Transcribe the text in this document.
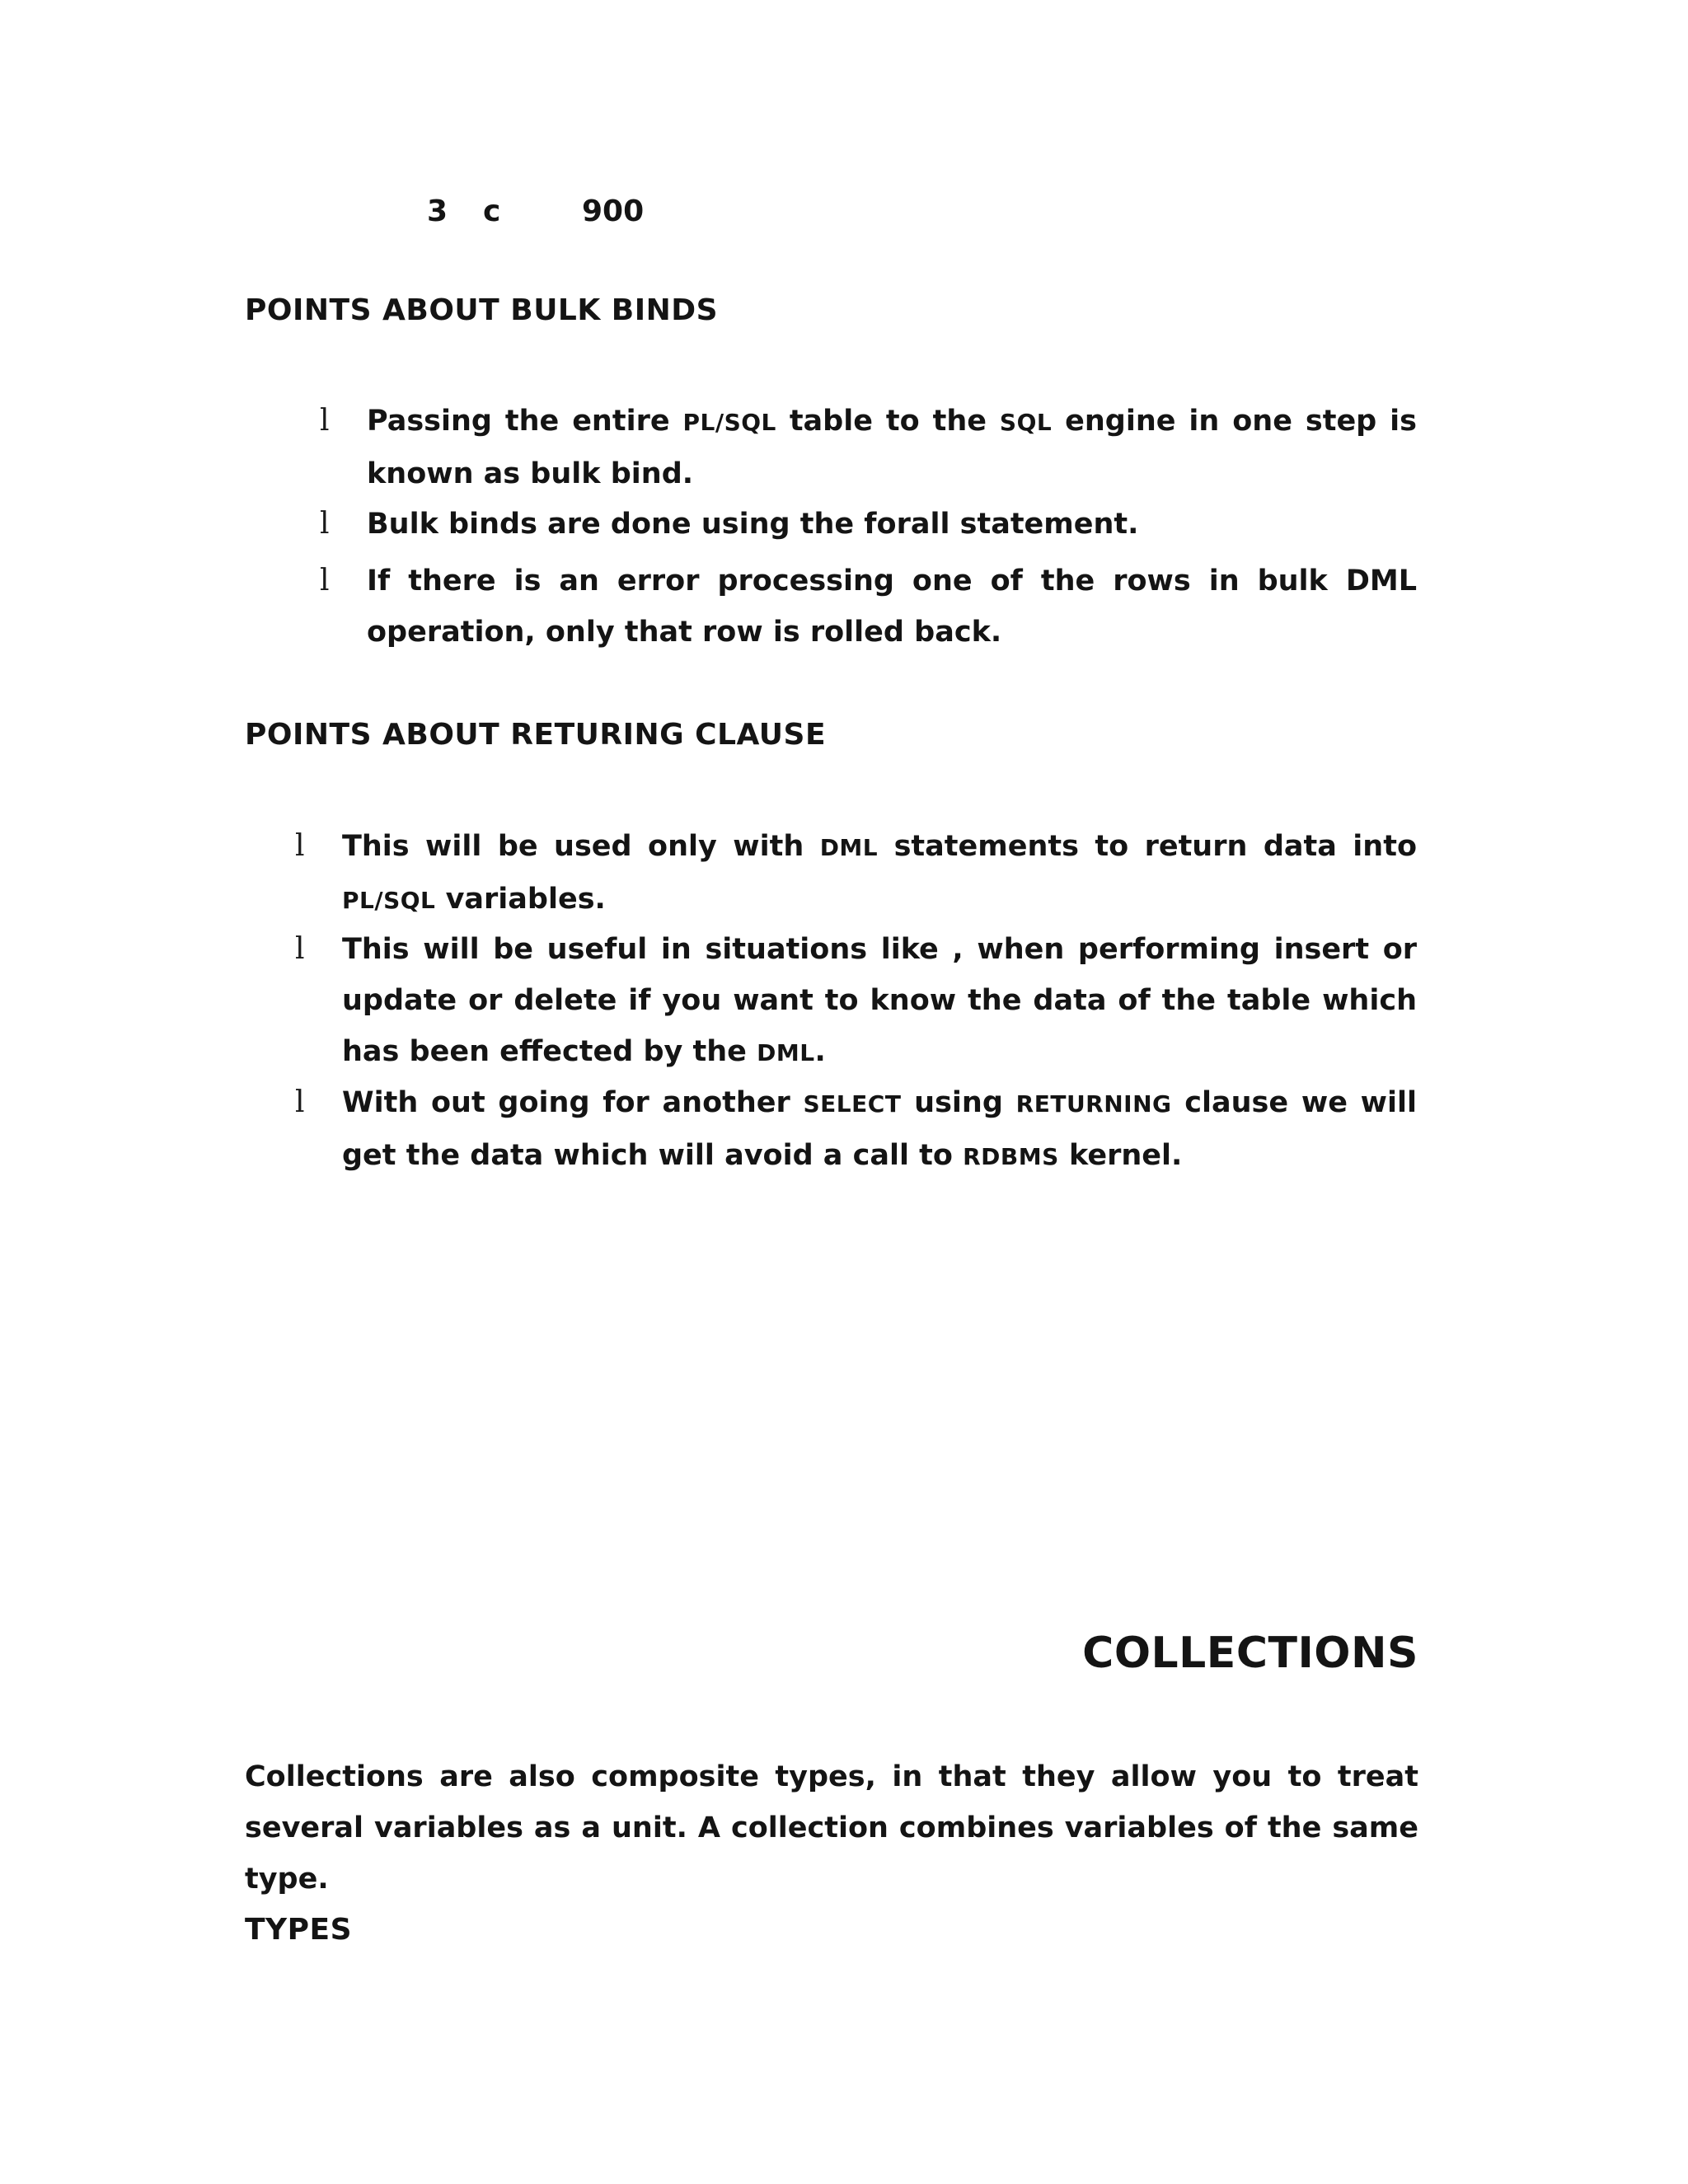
3 c	900
POINTS ABOUT BULK BINDS
l Passing the entire PL/SQL table to the SQL engine in one step is known as bulk bind.
l Bulk binds are done using the forall statement.
l If there is an error processing one of the rows in bulk DML operation, only that row is rolled back.
POINTS ABOUT RETURING CLAUSE
l This will be used only with DML statements to return data into PL/SQL variables.
l This will be useful in situations like , when performing insert or update or delete if you want to know the data of the table which has been effected by the DML.
l With out going for another SELECT using RETURNING clause we will get the data which will avoid a call to RDBMS kernel.
COLLECTIONS
Collections are also composite types, in that they allow you to treat several variables as a unit. A collection combines variables of the same type.
TYPES
